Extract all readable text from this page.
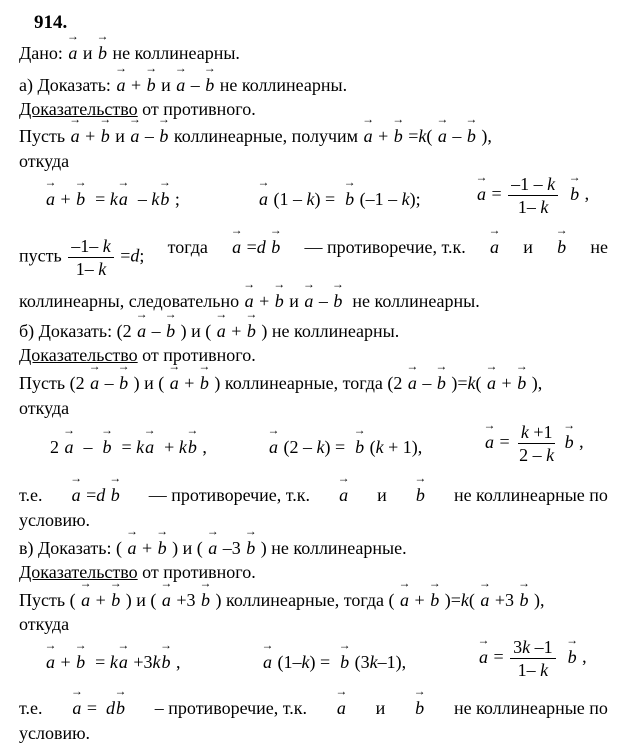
914.
Дано: → a и → b не коллинеарны.
а) Доказать: → a + → b и → a – → b не коллинеарны.
Доказательство от противного.
Пусть → a + → b и → a – → b коллинеарные, получим → a + → b =k( → a – → b ),
откуда
→ a + → b  = k→ a  – k→ b ;
→	a (1 – k) =  → b (–1 – k);
→	$a = \frac{-1 - k}{1- k}$
→ b ,
пусть $\frac{-1- k}{1- k} =d$; тогда
→ a =d → b — противоречие, т.к.
→ a и
→ b не
коллинеарны, следовательно → a + → b и → a – → b не коллинеарны.
б) Доказать: (2 → a – → b ) и ( → a + → b ) не коллинеарны.
Доказательство от противного.
Пусть (2 → a – → b ) и ( → a + → b ) коллинеарные, тогда (2 → a – → b )=k( → a + → b ),
откуда
2 → a  –  → b  = k→ a  + k→ b ,
→	a (2 – k) =  → b (k + 1),
→	$a = \frac{k +1}{2 - k}$
→ b ,
т.е.
→ a =d → b — противоречие, т.к.
→ a и
→ b не коллинеарные по
условию.
в) Доказать: ( → a + → b ) и ( → a –3 → b ) не коллинеарные.
Доказательство от противного.
Пусть ( → a + → b ) и ( → a +3 → b ) коллинеарные, тогда ( → a + → b )=k( → a +3 → b ),
откуда
→ a + → b  = k→ a +3k→ b ,
→	a (1–k) =  → b (3k–1),
→	$a = \frac{3k -1}{1- k}$
→ b ,
т.е.
→ a =  d→ b – противоречие, т.к.
→ a и
→ b не коллинеарные по
условию.
